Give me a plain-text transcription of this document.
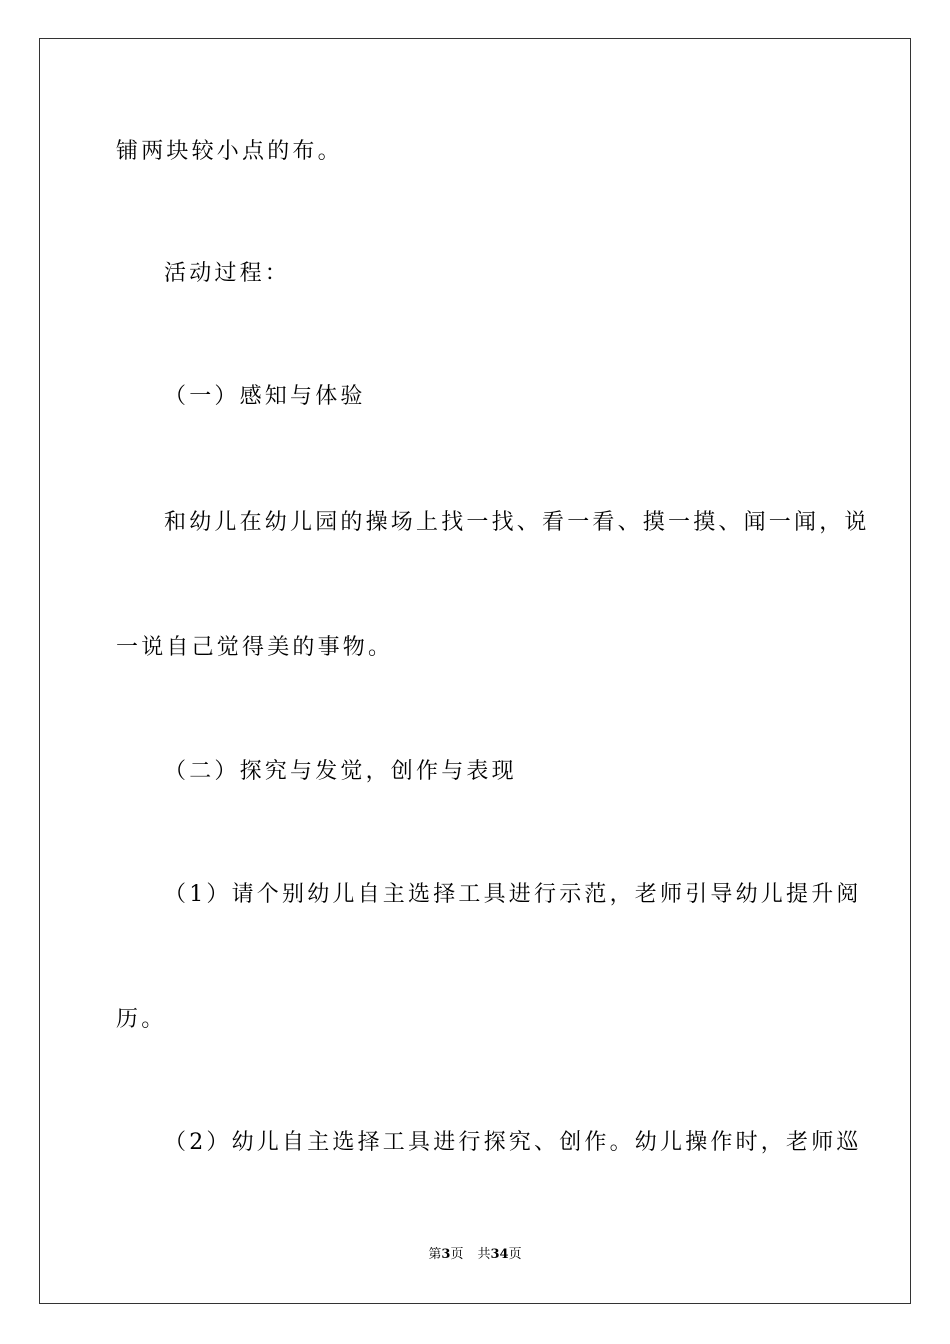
铺两块较小点的布。
活动过程：
（一）感知与体验
和幼儿在幼儿园的操场上找一找、看一看、摸一摸、闻一闻，说
一说自己觉得美的事物。
（二）探究与发觉，创作与表现
（1）请个别幼儿自主选择工具进行示范，老师引导幼儿提升阅
历。
（2）幼儿自主选择工具进行探究、创作。幼儿操作时，老师巡
第3页 共34页
